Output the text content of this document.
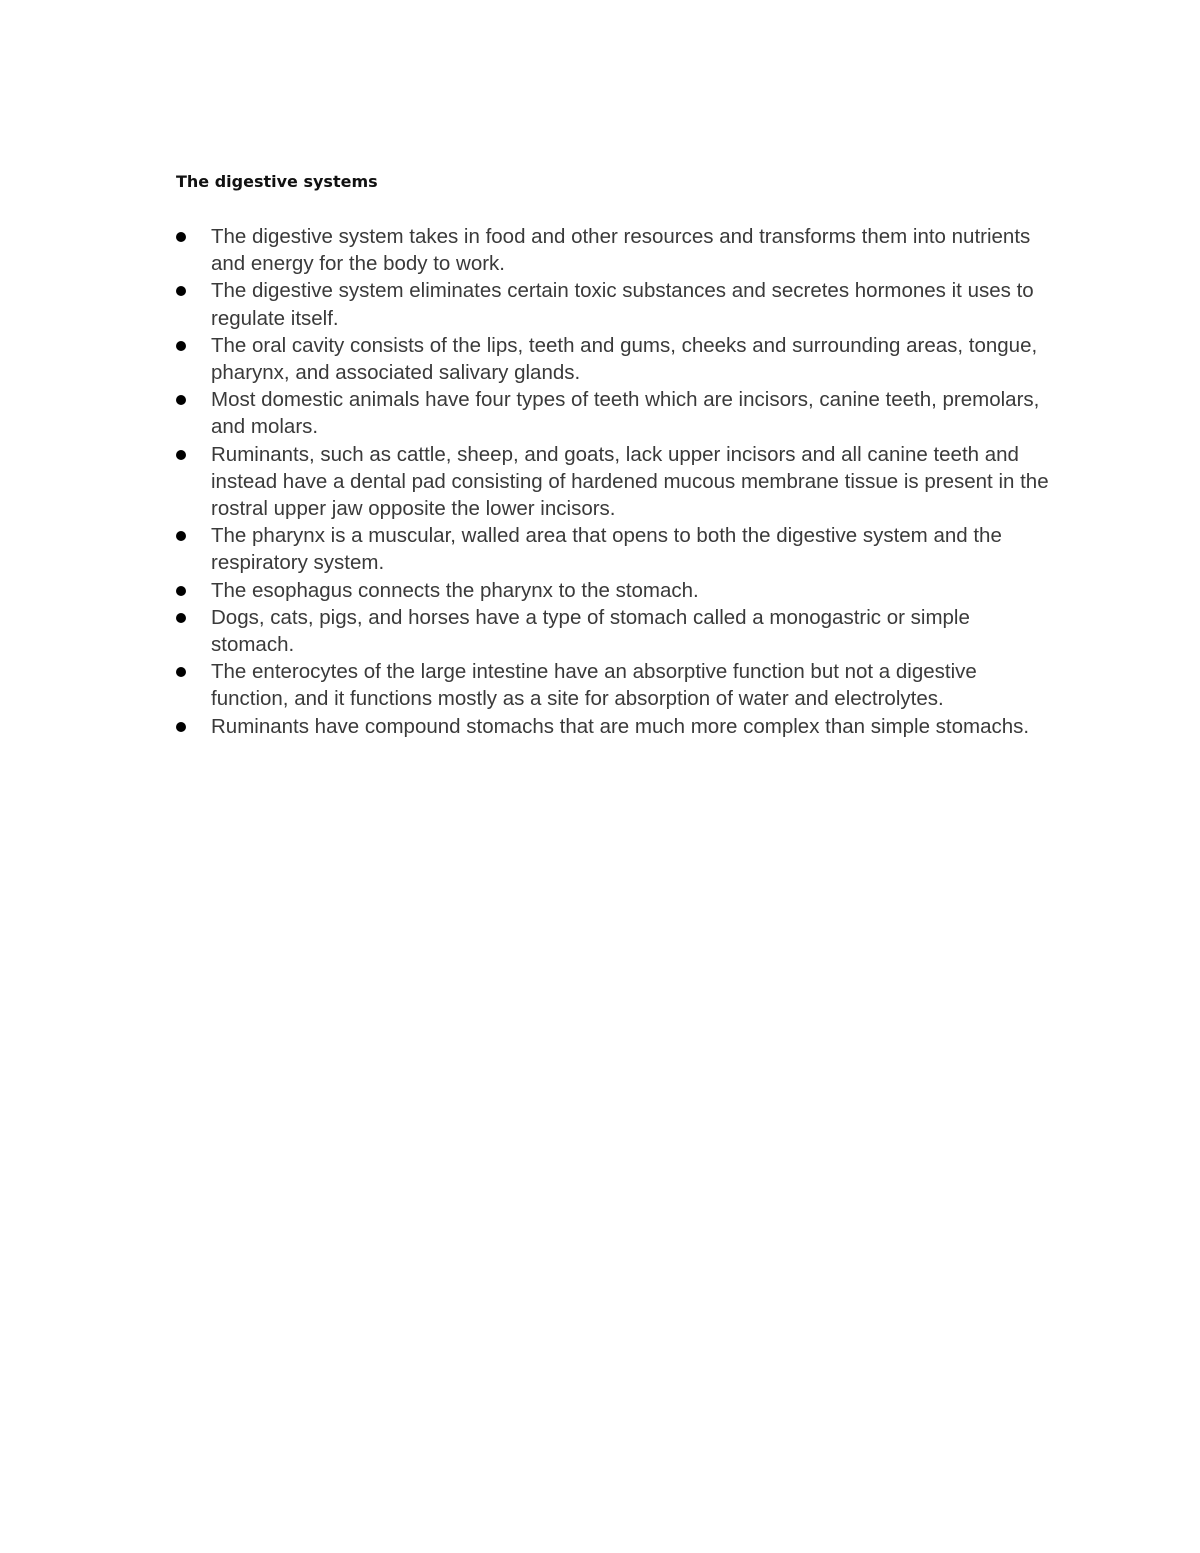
The digestive systems
The digestive system takes in food and other resources and transforms them into nutrients and energy for the body to work.
The digestive system eliminates certain toxic substances and secretes hormones it uses to regulate itself.
The oral cavity consists of the lips, teeth and gums, cheeks and surrounding areas, tongue, pharynx, and associated salivary glands.
Most domestic animals have four types of teeth which are incisors, canine teeth, premolars, and molars.
Ruminants, such as cattle, sheep, and goats, lack upper incisors and all canine teeth and instead have a dental pad consisting of hardened mucous membrane tissue is present in the rostral upper jaw opposite the lower incisors.
The pharynx is a muscular, walled area that opens to both the digestive system and the respiratory system.
The esophagus connects the pharynx to the stomach.
Dogs, cats, pigs, and horses have a type of stomach called a monogastric or simple stomach.
The enterocytes of the large intestine have an absorptive function but not a digestive function, and it functions mostly as a site for absorption of water and electrolytes.
Ruminants have compound stomachs that are much more complex than simple stomachs.
